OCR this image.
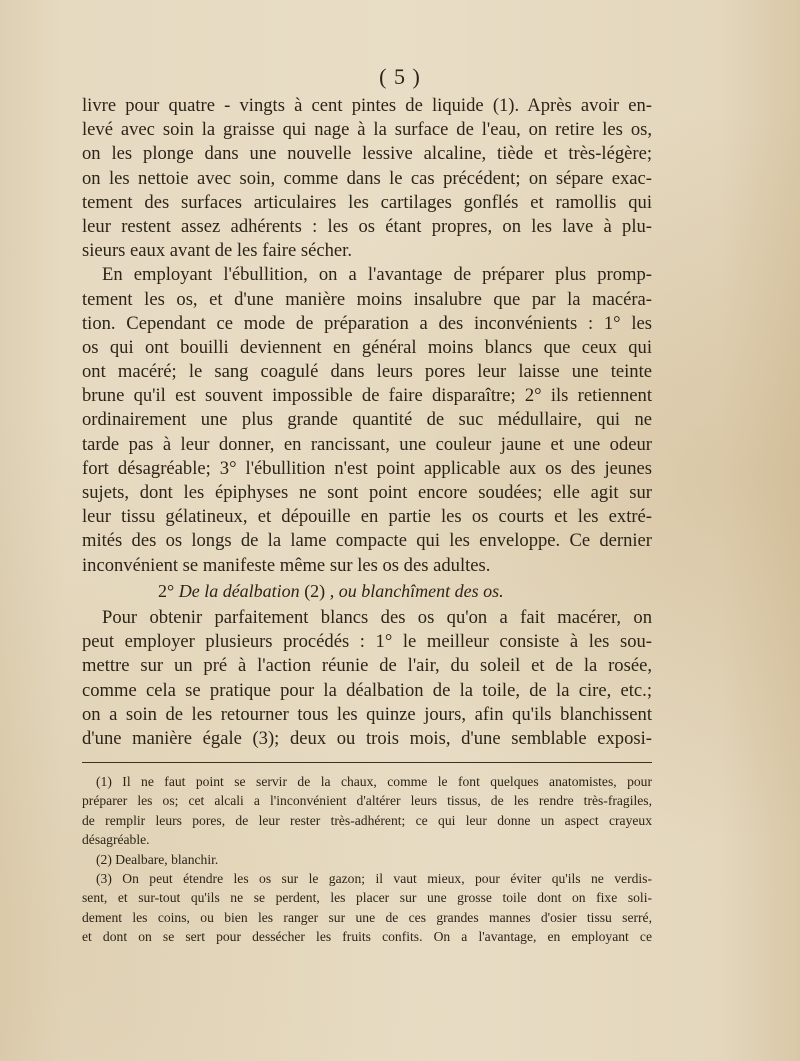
( 5 )
livre pour quatre - vingts à cent pintes de liquide (1). Après avoir en-
levé avec soin la graisse qui nage à la surface de l'eau, on retire les os,
on les plonge dans une nouvelle lessive alcaline, tiède et très-légère;
on les nettoie avec soin, comme dans le cas précédent; on sépare exac-
tement des surfaces articulaires les cartilages gonflés et ramollis qui
leur restent assez adhérents : les os étant propres, on les lave à plu-
sieurs eaux avant de les faire sécher.
En employant l'ébullition, on a l'avantage de préparer plus promp-
tement les os, et d'une manière moins insalubre que par la macéra-
tion. Cependant ce mode de préparation a des inconvénients : 1° les
os qui ont bouilli deviennent en général moins blancs que ceux qui
ont macéré; le sang coagulé dans leurs pores leur laisse une teinte
brune qu'il est souvent impossible de faire disparaître; 2° ils retiennent
ordinairement une plus grande quantité de suc médullaire, qui ne
tarde pas à leur donner, en rancissant, une couleur jaune et une odeur
fort désagréable; 3° l'ébullition n'est point applicable aux os des jeunes
sujets, dont les épiphyses ne sont point encore soudées; elle agit sur
leur tissu gélatineux, et dépouille en partie les os courts et les extré-
mités des os longs de la lame compacte qui les enveloppe. Ce dernier
inconvénient se manifeste même sur les os des adultes.
2° De la déalbation (2) , ou blanchîment des os.
Pour obtenir parfaitement blancs des os qu'on a fait macérer, on
peut employer plusieurs procédés : 1° le meilleur consiste à les sou-
mettre sur un pré à l'action réunie de l'air, du soleil et de la rosée,
comme cela se pratique pour la déalbation de la toile, de la cire, etc.;
on a soin de les retourner tous les quinze jours, afin qu'ils blanchissent
d'une manière égale (3); deux ou trois mois, d'une semblable exposi-
(1) Il ne faut point se servir de la chaux, comme le font quelques anatomistes, pour
préparer les os; cet alcali a l'inconvénient d'altérer leurs tissus, de les rendre très-fragiles,
de remplir leurs pores, de leur rester très-adhérent; ce qui leur donne un aspect crayeux
désagréable.
(2) Dealbare, blanchir.
(3) On peut étendre les os sur le gazon; il vaut mieux, pour éviter qu'ils ne verdis-
sent, et sur-tout qu'ils ne se perdent, les placer sur une grosse toile dont on fixe soli-
dement les coins, ou bien les ranger sur une de ces grandes mannes d'osier tissu serré,
et dont on se sert pour dessécher les fruits confits. On a l'avantage, en employant ce
